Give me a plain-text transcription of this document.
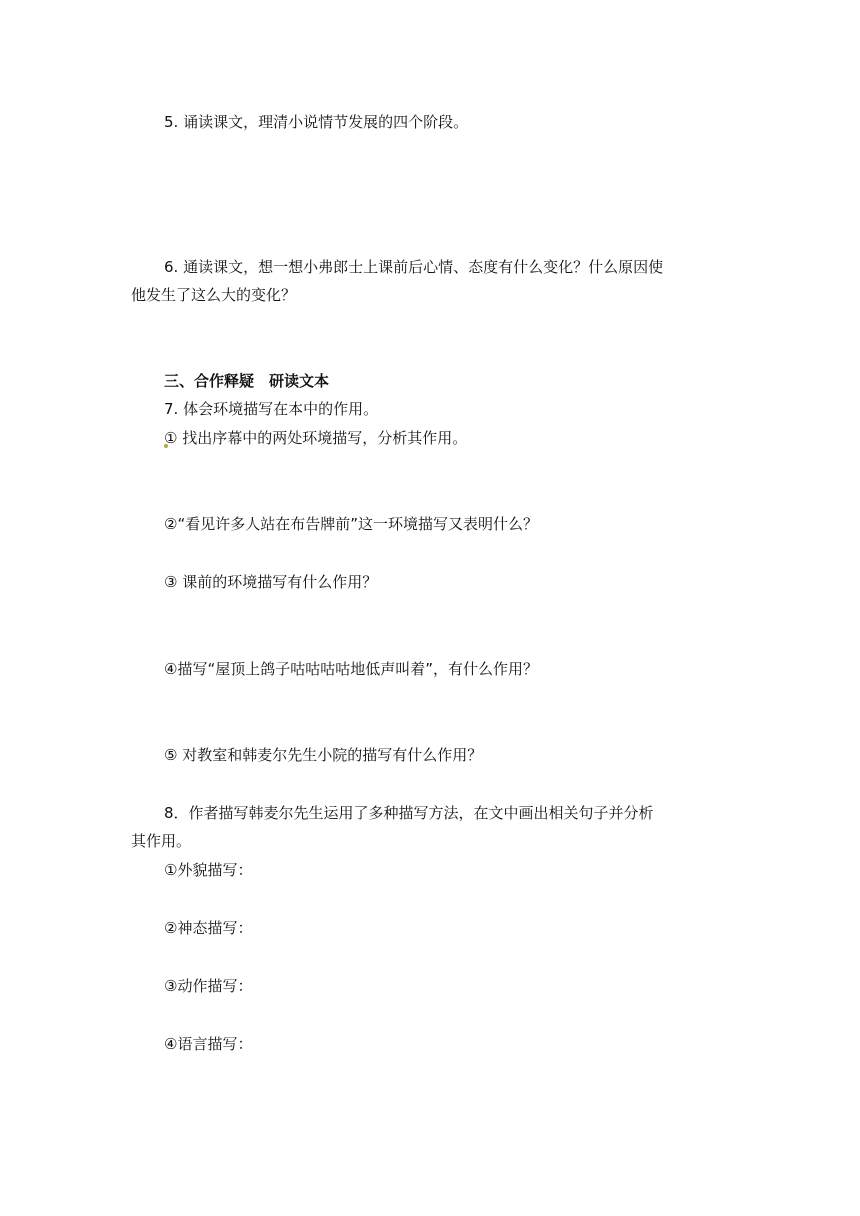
5. 诵读课文，理清小说情节发展的四个阶段。
6. 通读课文，想一想小弗郎士上课前后心情、态度有什么变化？什么原因使
他发生了这么大的变化？
三、合作释疑　研读文本
7. 体会环境描写在本中的作用。
① 找出序幕中的两处环境描写，分析其作用。
②“看见许多人站在布告牌前”这一环境描写又表明什么？
③ 课前的环境描写有什么作用？
④描写“屋顶上鸽子咕咕咕咕地低声叫着”，有什么作用？
⑤ 对教室和韩麦尔先生小院的描写有什么作用？
8．作者描写韩麦尔先生运用了多种描写方法，在文中画出相关句子并分析
其作用。
①外貌描写：
②神态描写：
③动作描写：
④语言描写：
